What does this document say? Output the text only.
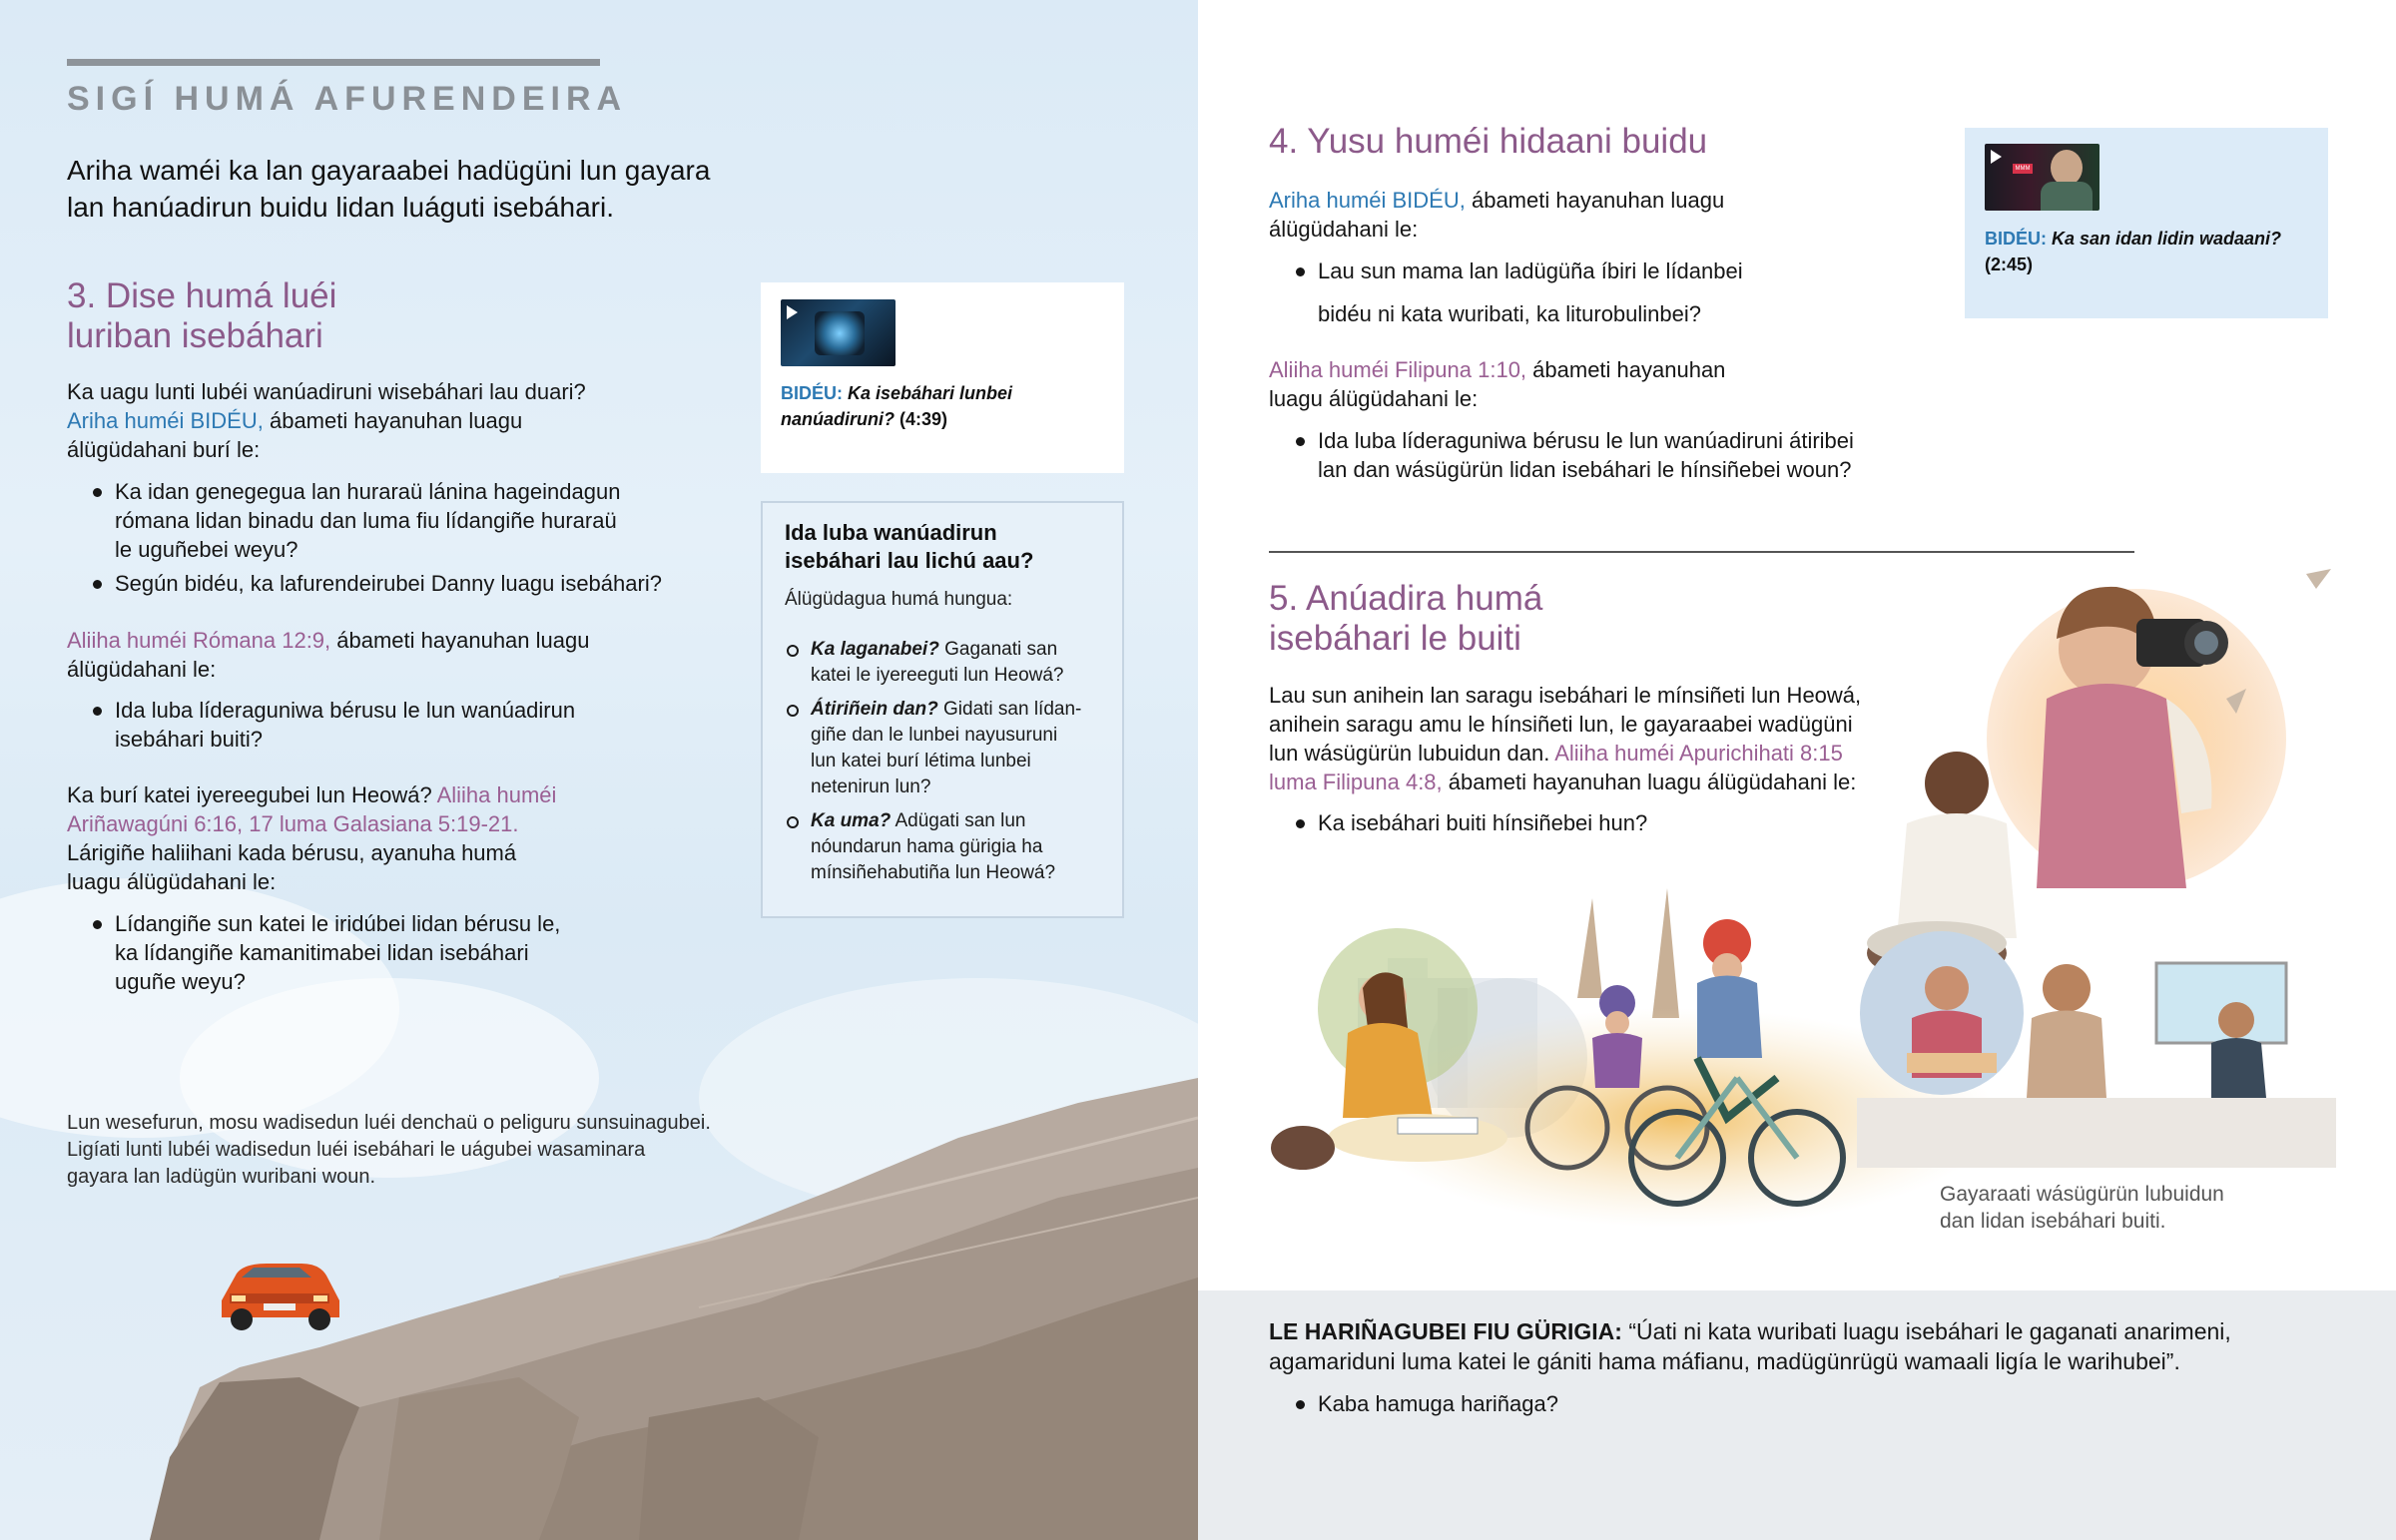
SIGÍ HUMÁ AFURENDEIRA
Ariha waméi ka lan gayaraabei hadügüni lun gayara lan hanúadirun buidu lidan luáguti isebáhari.
3. Dise humá luéi
luriban isebáhari
Ka uagu lunti lubéi wanúadiruni wisebáhari lau duari?
Ariha huméi BIDÉU, ábameti hayanuhan luagu
álügüdahani burí le:
Ka idan genegegua lan huraraü lánina hageindagun
rómana lidan binadu dan luma fiu lídangiñe huraraü
le uguñebei weyu?
Según bidéu, ka lafurendeirubei Danny luagu isebáhari?
Aliiha huméi Rómana 12:9, ábameti hayanuhan luagu
álügüdahani le:
Ida luba líderaguniwa bérusu le lun wanúadirun
isebáhari buiti?
Ka burí katei iyereegubei lun Heowá? Aliiha huméi
Ariñawagúni 6:16, 17 luma Galasiana 5:19-21.
Lárigiñe haliihani kada bérusu, ayanuha humá
luagu álügüdahani le:
Lídangiñe sun katei le iridúbei lidan bérusu le,
ka lídangiñe kamanitimabei lidan isebáhari
uguñe weyu?
BIDÉU: Ka isebáhari lunbei
nanúadiruni? (4:39)
Ida luba wanúadirun
isebáhari lau lichú aau?
Álügüdagua humá hungua:
Ka laganabei? Gaganati san
katei le iyereeguti lun Heowá?
Átiriñein dan? Gidati san lídan-
giñe dan le lunbei nayusuruni
lun katei burí létima lunbei
netenirun lun?
Ka uma? Adügati san lun
nóundarun hama gürigia ha
mínsiñehabutiña lun Heowá?
Lun wesefurun, mosu wadisedun luéi denchaü o peliguru sunsuinagubei.
Ligíati lunti lubéi wadisedun luéi isebáhari le uágubei wasaminara
gayara lan ladügün wuribani woun.
4. Yusu huméi hidaani buidu
Ariha huméi BIDÉU, ábameti hayanuhan luagu
álügüdahani le:
Lau sun mama lan ladügüña íbiri le lídanbei
bidéu ni kata wuribati, ka liturobulinbei?
Aliiha huméi Filipuna 1:10, ábameti hayanuhan
luagu álügüdahani le:
Ida luba líderaguniwa bérusu le lun wanúadiruni átiribei
lan dan wásügürün lidan isebáhari le hínsiñebei woun?
MMM
BIDÉU: Ka san idan lidin wadaani?
(2:45)
5. Anúadira humá
isebáhari le buiti
Lau sun anihein lan saragu isebáhari le mínsiñeti lun Heowá,
anihein saragu amu le hínsiñeti lun, le gayaraabei wadügüni
lun wásügürün lubuidun dan. Aliiha huméi Apurichihati 8:15
luma Filipuna 4:8, ábameti hayanuhan luagu álügüdahani le:
Ka isebáhari buiti hínsiñebei hun?
Gayaraati wásügürün lubuidun
dan lidan isebáhari buiti.
LE HARIÑAGUBEI FIU GÜRIGIA: “Úati ni kata wuribati luagu isebáhari le gaganati anarimeni,
agamariduni luma katei le gániti hama máfianu, madügünrügü wamaali ligía le warihubei”.
Kaba hamuga hariñaga?
